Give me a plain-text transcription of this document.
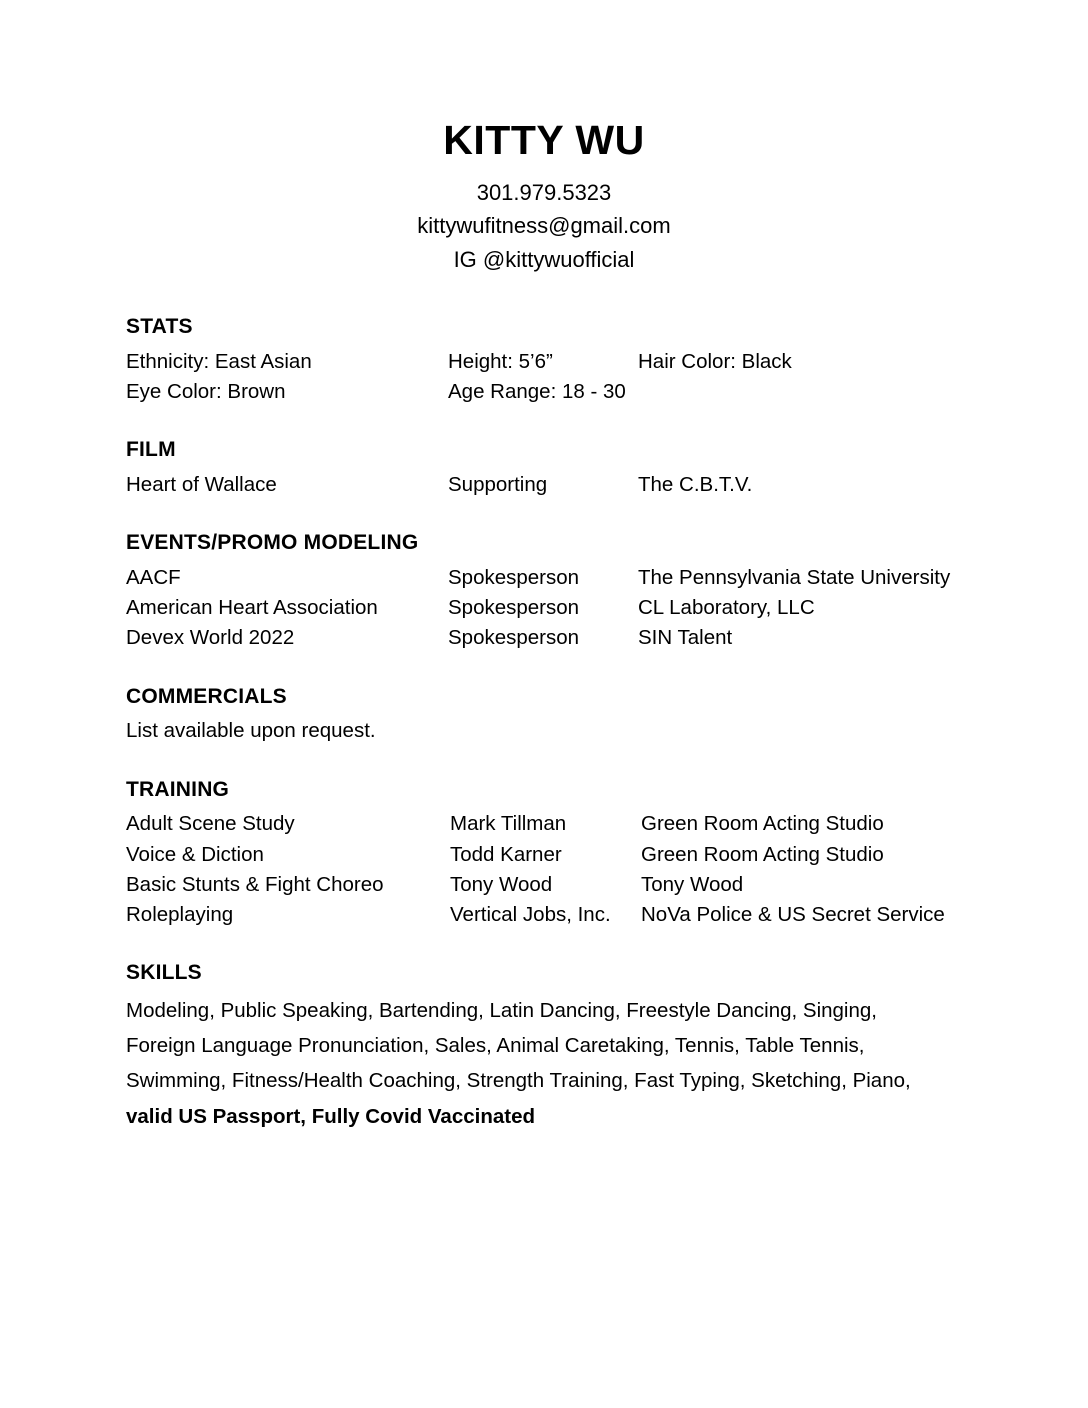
KITTY WU

301.979.5323

kittywufitness@gmail.com

IG @kittywuofficial

STATS
Ethnicity: East Asian	Height: 5’6”	Hair Color: Black
Eye Color: Brown	Age Range: 18 - 30
FILM
Heart of Wallace	Supporting	The C.B.T.V.
EVENTS/PROMO MODELING
AACF	Spokesperson	The Pennsylvania State University
American Heart Association	Spokesperson	CL Laboratory, LLC
Devex World 2022	Spokesperson	SIN Talent
COMMERCIALS
List available upon request.
TRAINING
Adult Scene Study	Mark Tillman	Green Room Acting Studio
Voice & Diction	Todd Karner	Green Room Acting Studio
Basic Stunts & Fight Choreo	Tony Wood	Tony Wood
Roleplaying	Vertical Jobs, Inc.	NoVa Police & US Secret Service
SKILLS
Modeling, Public Speaking, Bartending, Latin Dancing, Freestyle Dancing, Singing, Foreign Language Pronunciation, Sales, Animal Caretaking, Tennis, Table Tennis, Swimming, Fitness/Health Coaching, Strength Training, Fast Typing, Sketching, Piano, valid US Passport, Fully Covid Vaccinated
